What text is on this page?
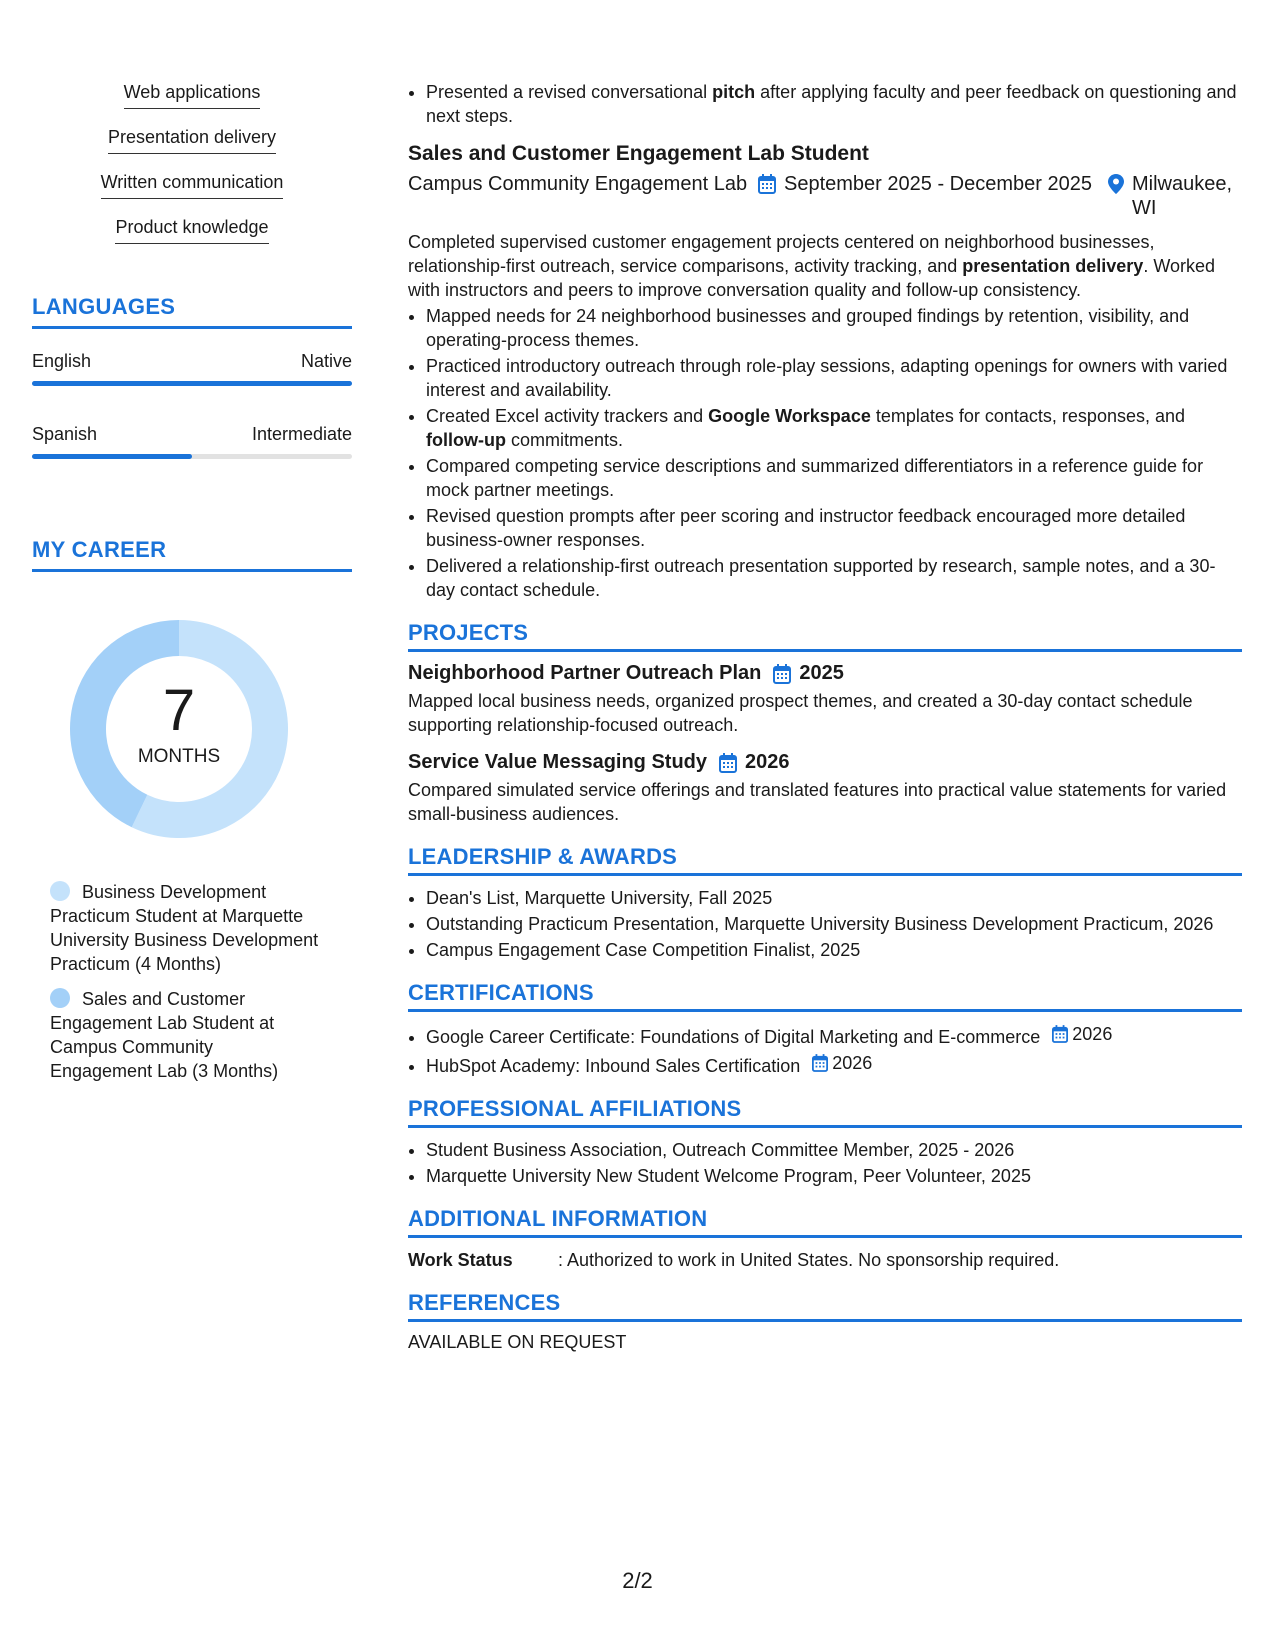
Web applications
Presentation delivery
Written communication
Product knowledge
LANGUAGES
English	Native
Spanish	Intermediate
MY CAREER
7
MONTHS
Business Development Practicum Student at Marquette University Business Development Practicum (4 Months)
Sales and Customer Engagement Lab Student at Campus Community Engagement Lab (3 Months)
• Presented a revised conversational pitch after applying faculty and peer feedback on questioning and next steps.
Sales and Customer Engagement Lab Student
Campus Community Engagement Lab	September 2025 - December 2025 Milwaukee, WI
Completed supervised customer engagement projects centered on neighborhood businesses, relationship-first outreach, service comparisons, activity tracking, and presentation delivery. Worked with instructors and peers to improve conversation quality and follow-up consistency.
• Mapped needs for 24 neighborhood businesses and grouped findings by retention, visibility, and operating-process themes.
• Practiced introductory outreach through role-play sessions, adapting openings for owners with varied interest and availability.
• Created Excel activity trackers and Google Workspace templates for contacts, responses, and follow-up commitments.
• Compared competing service descriptions and summarized differentiators in a reference guide for mock partner meetings.
• Revised question prompts after peer scoring and instructor feedback encouraged more detailed business-owner responses.
• Delivered a relationship-first outreach presentation supported by research, sample notes, and a 30-day contact schedule.
PROJECTS
Neighborhood Partner Outreach Plan 2025
Mapped local business needs, organized prospect themes, and created a 30-day contact schedule supporting relationship-focused outreach.
Service Value Messaging Study 2026
Compared simulated service offerings and translated features into practical value statements for varied small-business audiences.
LEADERSHIP & AWARDS
• Dean's List, Marquette University, Fall 2025
• Outstanding Practicum Presentation, Marquette University Business Development Practicum, 2026
• Campus Engagement Case Competition Finalist, 2025
CERTIFICATIONS
• Google Career Certificate: Foundations of Digital Marketing and E-commerce 2026
• HubSpot Academy: Inbound Sales Certification 2026
PROFESSIONAL AFFILIATIONS
• Student Business Association, Outreach Committee Member, 2025 - 2026
• Marquette University New Student Welcome Program, Peer Volunteer, 2025
ADDITIONAL INFORMATION
Work Status	: Authorized to work in United States. No sponsorship required.
REFERENCES
AVAILABLE ON REQUEST
2/2
